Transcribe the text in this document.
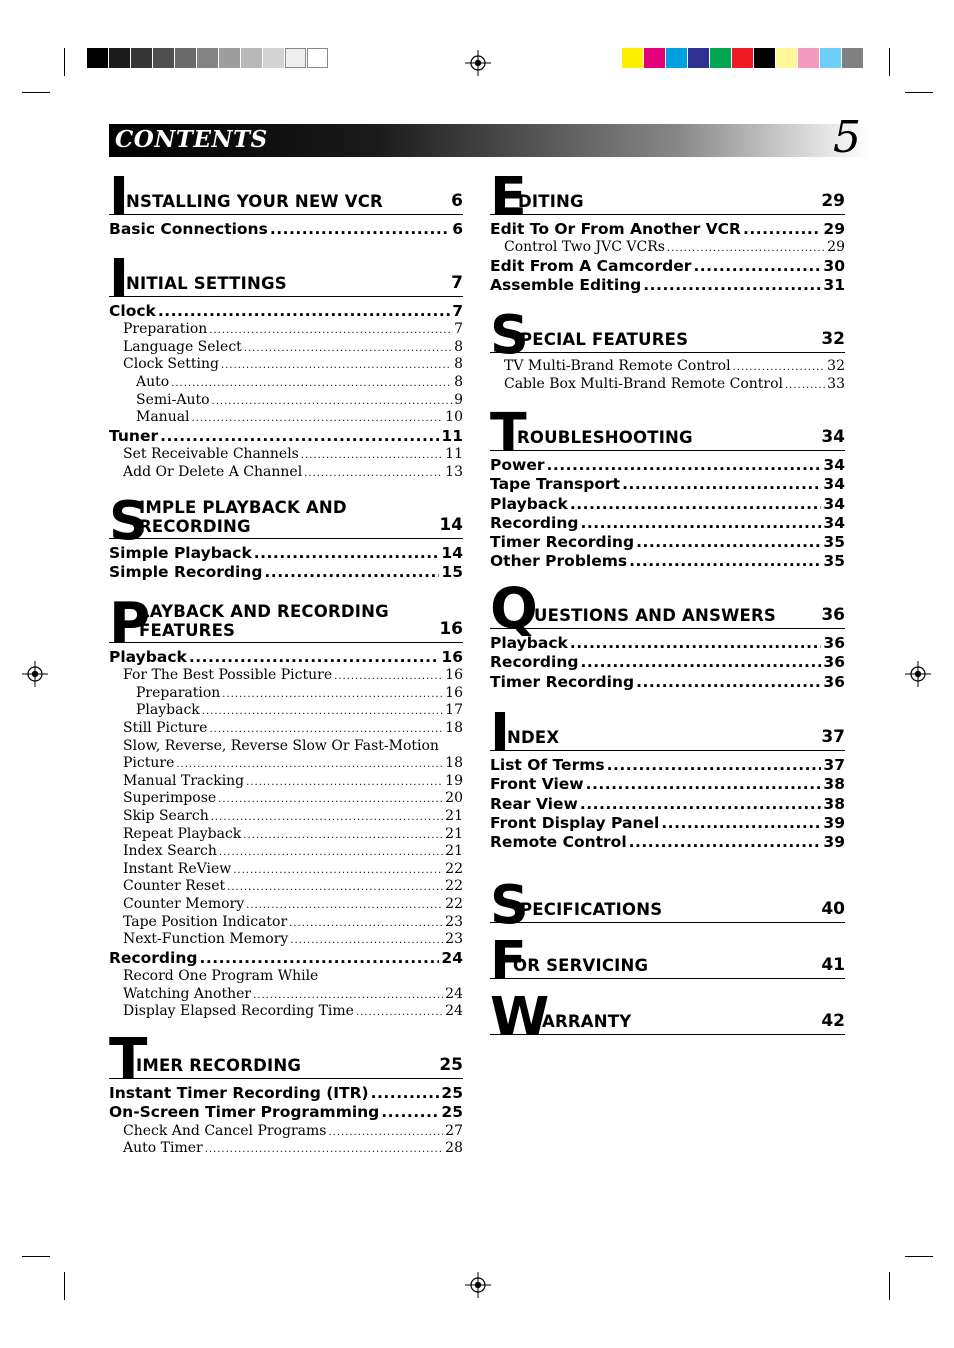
CONTENTS	5
I
NSTALLING YOUR NEW VCR	6
Basic Connections .....	6
I
NITIAL SETTINGS	7
Clock .....	7
Preparation .....	7
Language Select .....	8
Clock Setting .....	8
Auto .....	8
Semi-Auto .....	9
Manual .....	10
Tuner .....	11
Set Receivable Channels .....	11
Add Or Delete A Channel .....	13
S
IMPLE PLAYBACK AND
RECORDING	14
Simple Playback .....	14
Simple Recording .....	15
P
LAYBACK AND RECORDING
FEATURES	16
Playback .....	16
For The Best Possible Picture .....	16
Preparation .....	16
Playback .....	17
Still Picture .....	18
Slow, Reverse, Reverse Slow Or Fast-Motion
Picture .....	18
Manual Tracking .....	19
Superimpose .....	20
Skip Search .....	21
Repeat Playback .....	21
Index Search .....	21
Instant ReView .....	22
Counter Reset .....	22
Counter Memory .....	22
Tape Position Indicator .....	23
Next-Function Memory .....	23
Recording .....	24
Record One Program While
Watching Another .....	24
Display Elapsed Recording Time .....	24
T
IMER RECORDING	25
Instant Timer Recording (ITR) .....	25
On-Screen Timer Programming .....	25
Check And Cancel Programs .....	27
Auto Timer .....	28
E
DITING	29
Edit To Or From Another VCR .....	29
Control Two JVC VCRs .....	29
Edit From A Camcorder .....	30
Assemble Editing .....	31
S
PECIAL FEATURES	32
TV Multi-Brand Remote Control .....	32
Cable Box Multi-Brand Remote Control .....	33
T
ROUBLESHOOTING	34
Power .....	34
Tape Transport .....	34
Playback .....	34
Recording .....	34
Timer Recording .....	35
Other Problems .....	35
Q
UESTIONS AND ANSWERS	36
Playback .....	36
Recording .....	36
Timer Recording .....	36
I
NDEX	37
List Of Terms .....	37
Front View .....	38
Rear View .....	38
Front Display Panel .....	39
Remote Control .....	39
S
PECIFICATIONS	40
F
OR SERVICING	41
W
ARRANTY	42
